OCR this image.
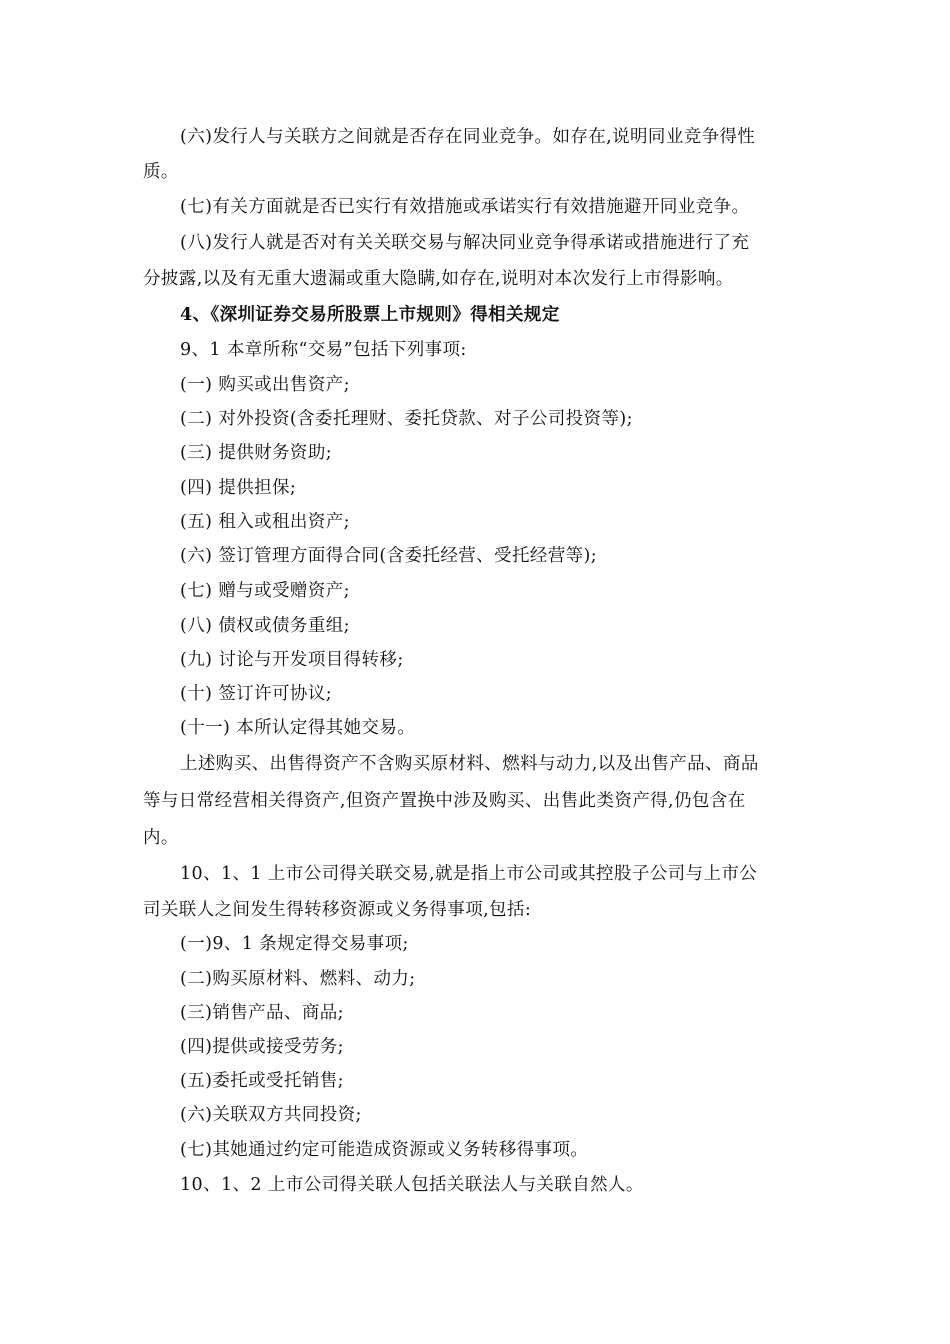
(六)发行人与关联方之间就是否存在同业竞争。如存在,说明同业竞争得性
质。
(七)有关方面就是否已实行有效措施或承诺实行有效措施避开同业竞争。
(八)发行人就是否对有关关联交易与解决同业竞争得承诺或措施进行了充
分披露,以及有无重大遗漏或重大隐瞒,如存在,说明对本次发行上市得影响。
4、《深圳证券交易所股票上市规则》得相关规定
9、1 本章所称“交易”包括下列事项:
(一) 购买或出售资产;
(二) 对外投资(含委托理财、委托贷款、对子公司投资等);
(三) 提供财务资助;
(四) 提供担保;
(五) 租入或租出资产;
(六) 签订管理方面得合同(含委托经营、受托经营等);
(七) 赠与或受赠资产;
(八) 债权或债务重组;
(九) 讨论与开发项目得转移;
(十) 签订许可协议;
(十一) 本所认定得其她交易。
上述购买、出售得资产不含购买原材料、燃料与动力,以及出售产品、商品
等与日常经营相关得资产,但资产置换中涉及购买、出售此类资产得,仍包含在
内。
10、1、1 上市公司得关联交易,就是指上市公司或其控股子公司与上市公
司关联人之间发生得转移资源或义务得事项,包括:
(一)9、1 条规定得交易事项;
(二)购买原材料、燃料、动力;
(三)销售产品、商品;
(四)提供或接受劳务;
(五)委托或受托销售;
(六)关联双方共同投资;
(七)其她通过约定可能造成资源或义务转移得事项。
10、1、2 上市公司得关联人包括关联法人与关联自然人。
